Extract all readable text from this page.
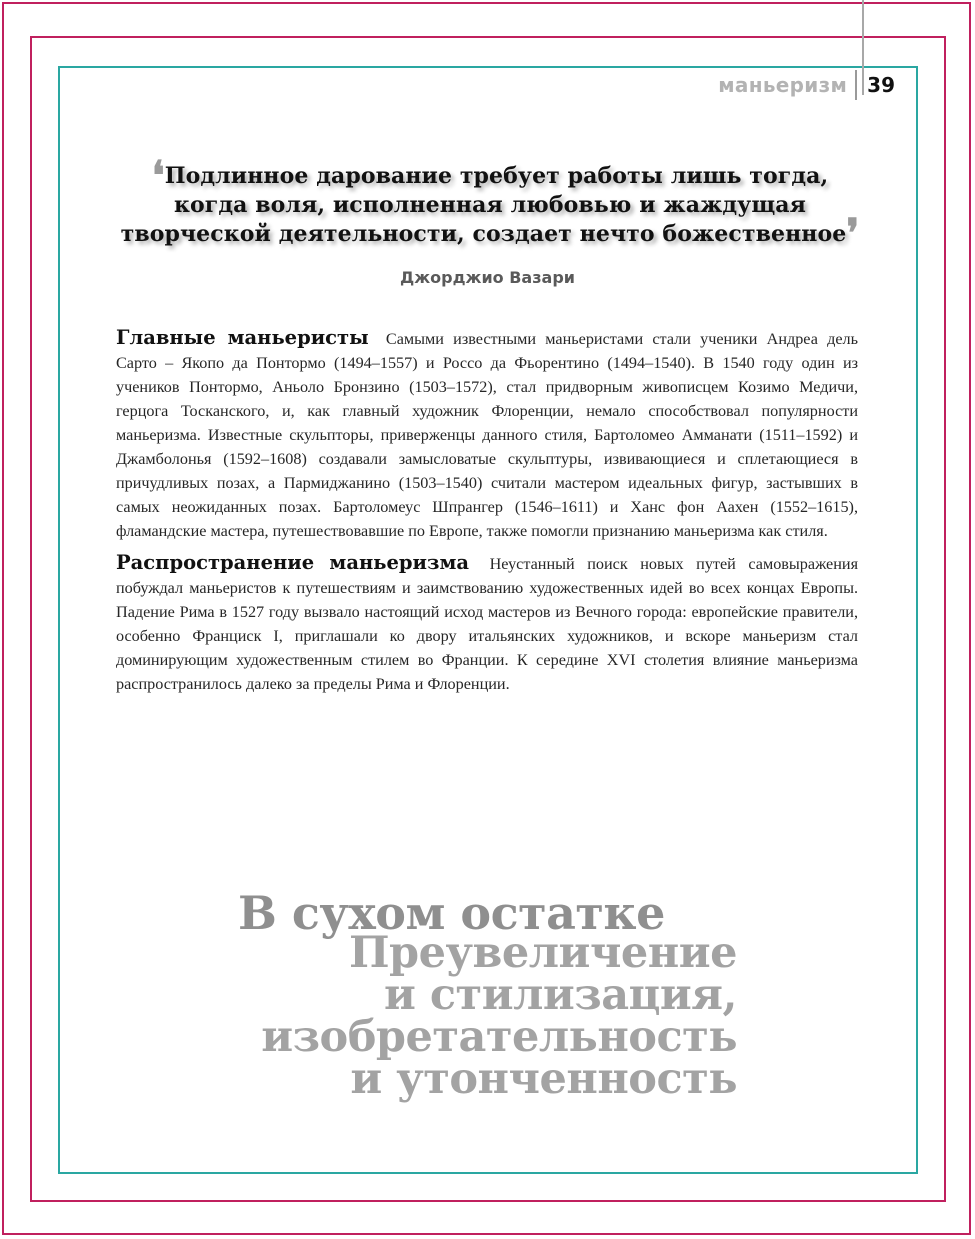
маньеризм	39
❛Подлинное дарование требует работы лишь тогда,
когда воля, исполненная любовью и жаждущая
творческой деятельности, создает нечто божественное❜
Джорджио Вазари

Главные маньеристы Самыми известными маньеристами стали ученики Андреа дель Сарто – Якопо да Понтормо (1494–1557) и Россо да Фьорентино (1494–1540). В 1540 году один из учеников Понтормо, Аньоло Бронзино (1503–1572), стал придворным живописцем Козимо Медичи, герцога Тосканского, и, как главный художник Флоренции, немало способствовал популярности маньеризма. Известные скульпторы, приверженцы данного стиля, Бартоломео Амманати (1511–1592) и Джамболонья (1592–1608) создавали замысловатые скульптуры, извивающиеся и сплетающиеся в причудливых позах, а Пармиджанино (1503–1540) считали мастером идеальных фигур, застывших в самых неожиданных позах. Бартоломеус Шпрангер (1546–1611) и Ханс фон Аахен (1552–1615), фламандские мастера, путешествовавшие по Европе, также помогли признанию маньеризма как стиля.

Распространение маньеризма Неустанный поиск новых путей самовыражения побуждал маньеристов к путешествиям и заимствованию художественных идей во всех концах Европы. Падение Рима в 1527 году вызвало настоящий исход мастеров из Вечного города: европейские правители, особенно Франциск I, приглашали ко двору итальянских художников, и вскоре маньеризм стал доминирующим художественным стилем во Франции. К середине XVI столетия влияние маньеризма распространилось далеко за пределы Рима и Флоренции.

В сухом остатке
Преувеличение
и стилизация,
изобретательность
и утонченность
